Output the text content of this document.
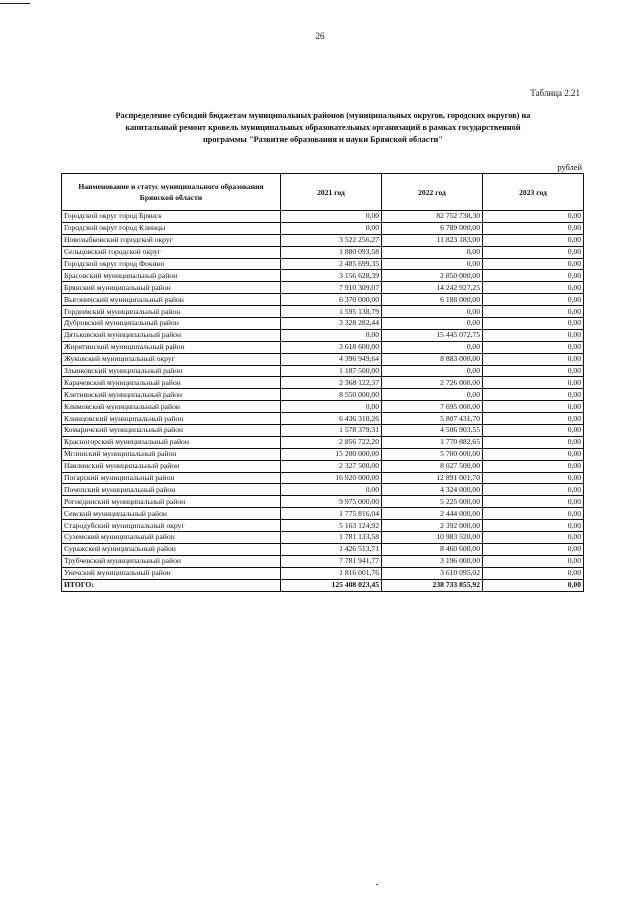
26
Таблица 2.21
Распределение субсидий бюджетам муниципальных районов (муниципальных округов, городских округов) на
капитальный ремонт кровель муниципальных образовательных организаций в рамках государственной
программы "Развитие образования и науки Брянской области"
рублей
Наименование и статус муниципального образования Брянской области	2021 год	2022 год	2023 год
Городской округ город Брянск	0,00	82 752 738,30	0,00
Городской округ город Клинцы	0,00	6 789 000,00	0,00
Новозыбковский городской округ	3 522 256,27	11 823 183,00	0,00
Сельцовский городской округ	1 880 093,58	0,00	0,00
Городской округ город Фокино	2 485 699,35	0,00	0,00
Брасовский муниципальный район	3 156 628,39	2 850 000,00	0,00
Брянский муниципальный район	7 910 309,07	14 242 927,25	0,00
Выгоничский муниципальный район	6 370 000,00	6 188 000,00	0,00
Гордеевский муниципальный район	1 595 138,79	0,00	0,00
Дубровский муниципальный район	3 328 282,44	0,00	0,00
Дятьковский муниципальный район	0,00	15 445 072,75	0,00
Жирятинский муниципальный район	3 618 600,00	0,00	0,00
Жуковский муниципальный округ	4 396 949,64	8 883 000,00	0,00
Злынковский муниципальный район	1 187 500,00	0,00	0,00
Карачевский муниципальный район	2 368 122,37	2 726 000,00	0,00
Клетнянский муниципальный район	8 550 000,00	0,00	0,00
Климовский муниципальный район	0,00	7 695 000,00	0,00
Клинцовский муниципальный район	6 436 310,26	5 807 431,70	0,00
Комаричский муниципальный район	1 578 379,31	4 506 903,55	0,00
Красногорский муниципальный район	2 856 722,20	1 770 882,65	0,00
Мглинский муниципальный район	15 200 000,00	5 700 000,00	0,00
Навлинский муниципальный район	2 327 500,00	8 027 500,00	0,00
Погарский муниципальный район	16 920 000,00	12 891 001,70	0,00
Почепский муниципальный район	0,00	4 324 000,00	0,00
Рогнединский муниципальный район	9 975 000,00	5 225 000,00	0,00
Севский муниципальный район	1 775 816,04	2 444 000,00	0,00
Стародубский муниципальный округ	5 163 124,92	2 392 000,00	0,00
Суземский муниципальный район	1 781 133,58	10 983 520,00	0,00
Суражский муниципальный район	1 426 513,71	8 460 600,00	0,00
Трубчевский муниципальный район	7 781 941,77	3 196 000,00	0,00
Унечский муниципальный район	1 816 001,76	3 610 095,02	0,00
ИТОГО:	125 408 023,45	238 733 855,92	0,00
